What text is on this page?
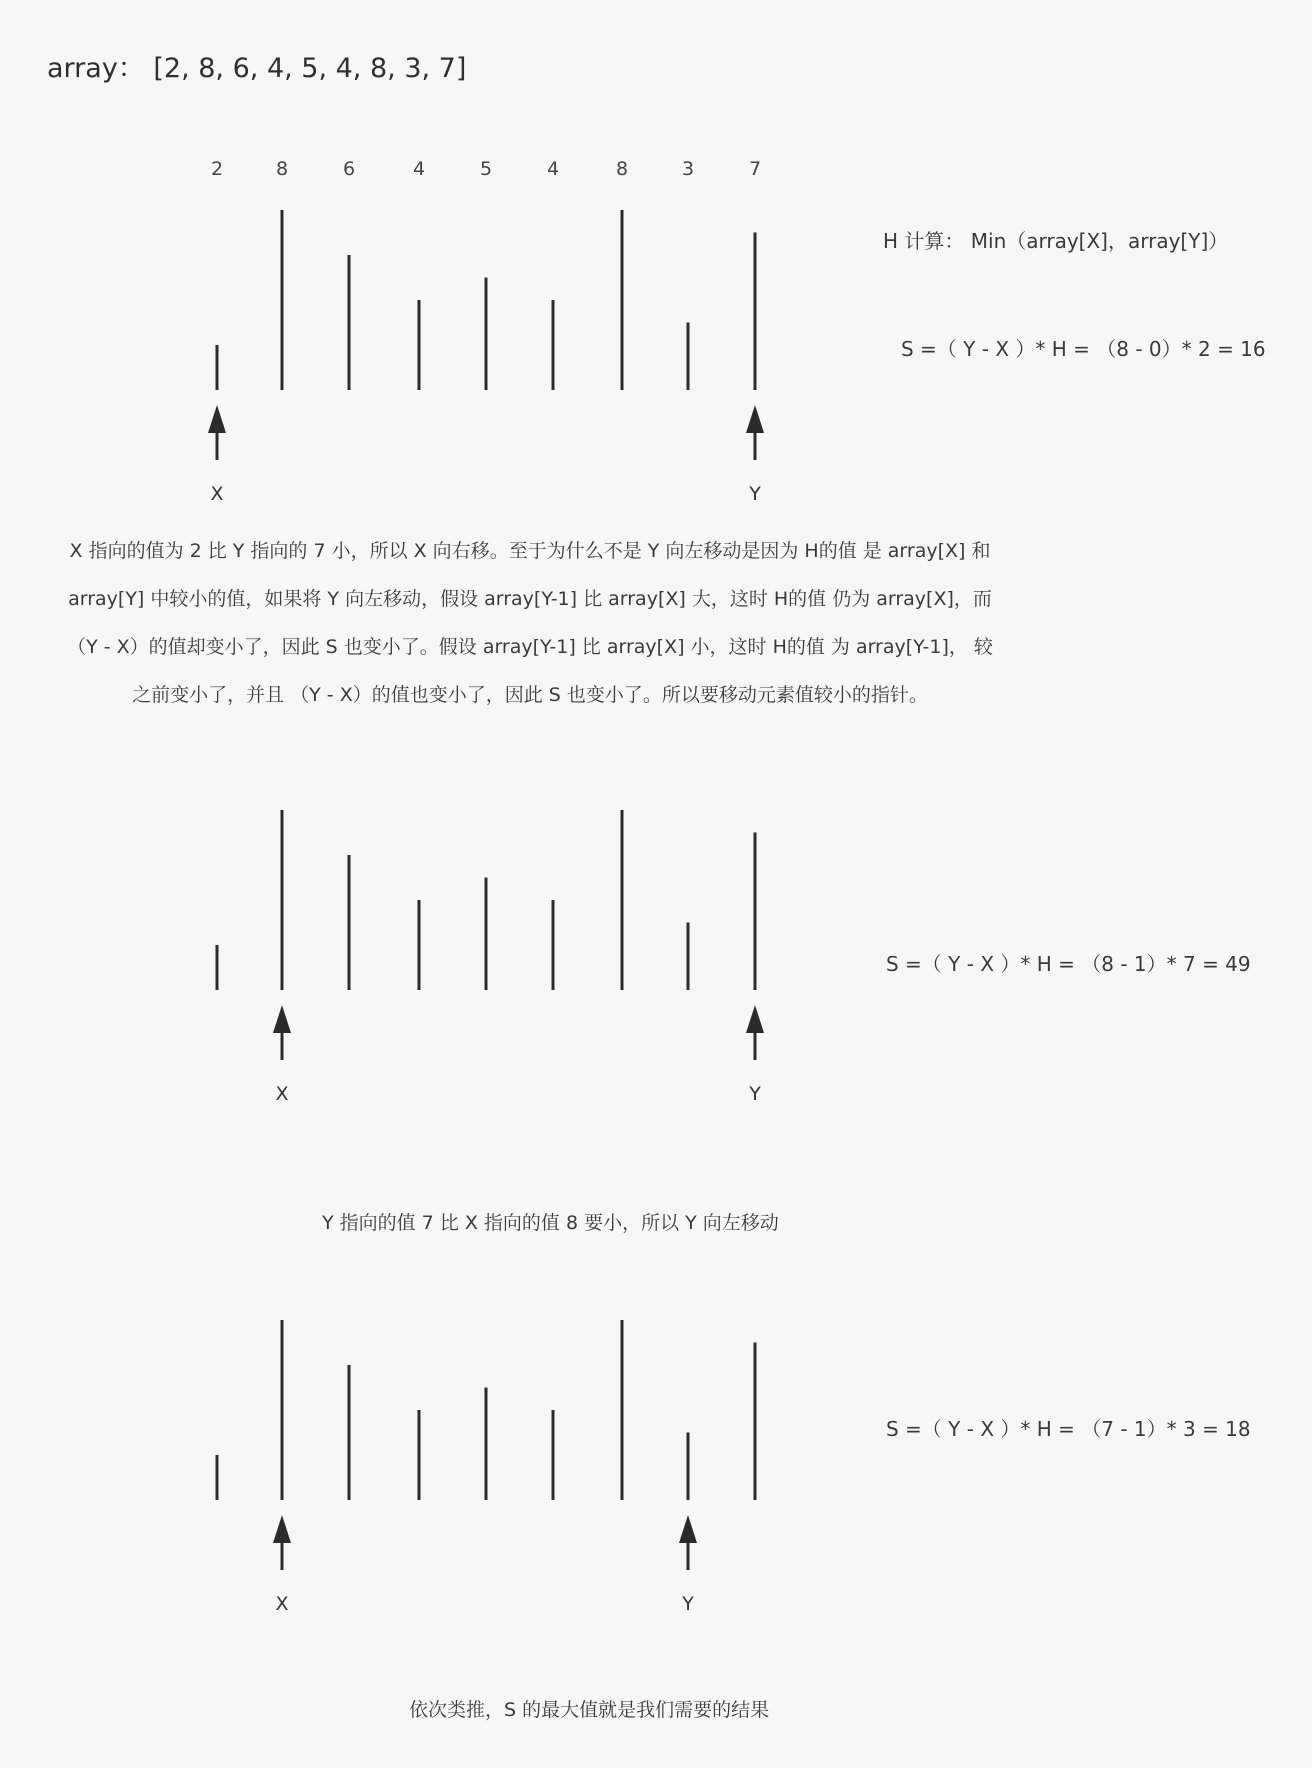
array： [2, 8, 6, 4, 5, 4, 8, 3, 7]
2	8	6	4	5	4	8	3	7
X	Y
H 计算： Min（array[X]，array[Y]）
S =（ Y - X ）* H = （8 - 0）* 2 = 16
X 指向的值为 2 比 Y 指向的 7 小，所以 X 向右移。至于为什么不是 Y 向左移动是因为 H的值 是 array[X] 和
array[Y] 中较小的值，如果将 Y 向左移动，假设 array[Y-1] 比 array[X] 大，这时 H的值 仍为 array[X]，而
（Y - X）的值却变小了，因此 S 也变小了。假设 array[Y-1] 比 array[X] 小，这时 H的值 为 array[Y-1]， 较
之前变小了，并且 （Y - X）的值也变小了，因此 S 也变小了。所以要移动元素值较小的指针。
X	Y
S =（ Y - X ）* H = （8 - 1）* 7 = 49
Y 指向的值 7 比 X 指向的值 8 要小，所以 Y 向左移动
X	Y
S =（ Y - X ）* H = （7 - 1）* 3 = 18
依次类推，S 的最大值就是我们需要的结果
